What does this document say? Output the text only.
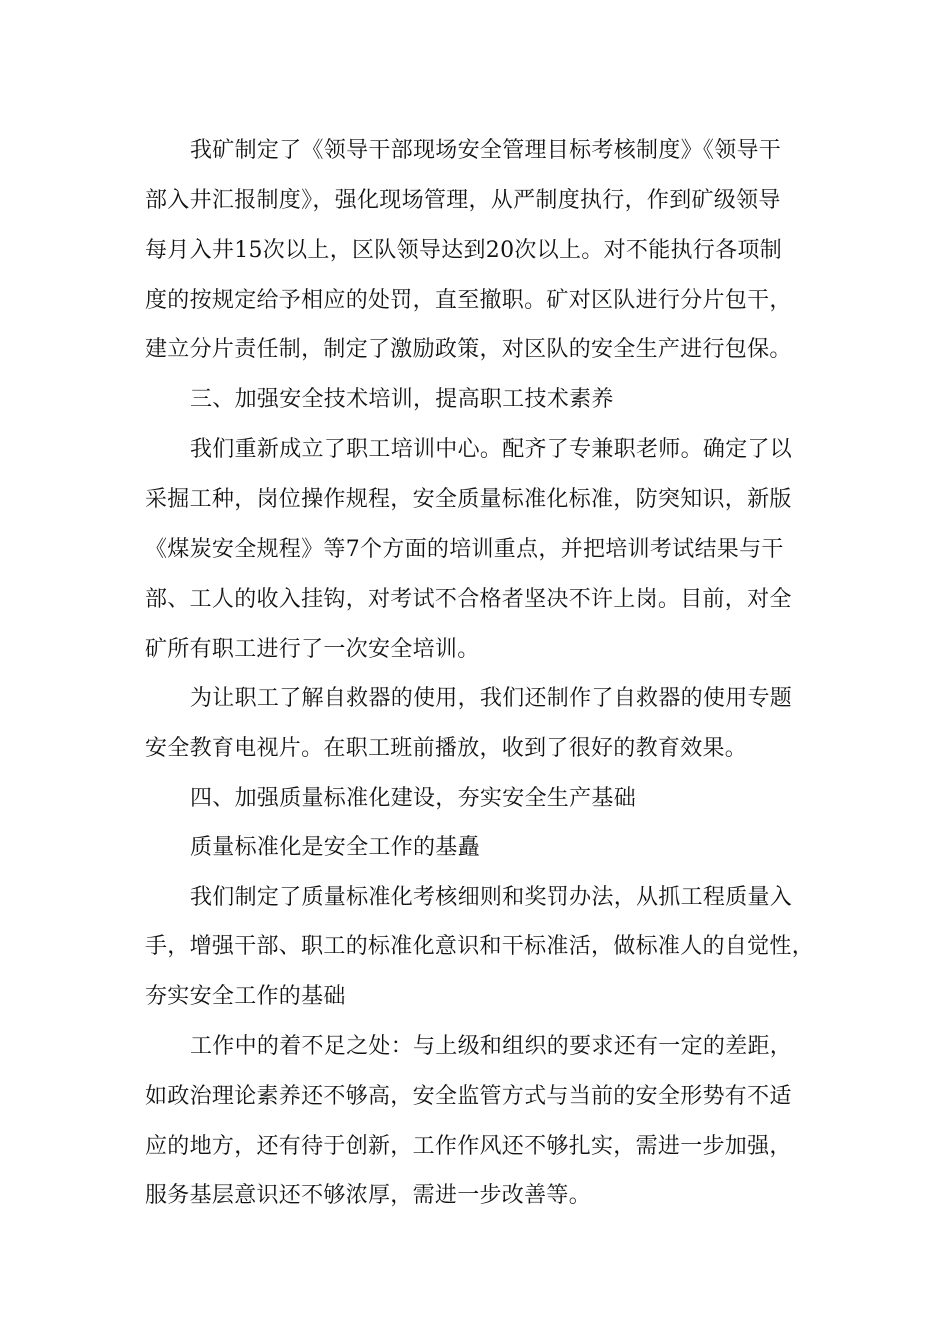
我矿制定了《领导干部现场安全管理目标考核制度》《领导干
部入井汇报制度》，强化现场管理，从严制度执行，作到矿级领导
每月入井15次以上，区队领导达到20次以上。对不能执行各项制
度的按规定给予相应的处罚，直至撤职。矿对区队进行分片包干，
建立分片责任制，制定了激励政策，对区队的安全生产进行包保。
三、加强安全技术培训，提高职工技术素养
我们重新成立了职工培训中心。配齐了专兼职老师。确定了以
采掘工种，岗位操作规程，安全质量标准化标准，防突知识，新版
《煤炭安全规程》等7个方面的培训重点，并把培训考试结果与干
部、工人的收入挂钩，对考试不合格者坚决不许上岗。目前，对全
矿所有职工进行了一次安全培训。
为让职工了解自救器的使用，我们还制作了自救器的使用专题
安全教育电视片。在职工班前播放，收到了很好的教育效果。
四、加强质量标准化建设，夯实安全生产基础
质量标准化是安全工作的基矗
我们制定了质量标准化考核细则和奖罚办法，从抓工程质量入
手，增强干部、职工的标准化意识和干标准活，做标准人的自觉性，
夯实安全工作的基础
工作中的着不足之处：与上级和组织的要求还有一定的差距，
如政治理论素养还不够高，安全监管方式与当前的安全形势有不适
应的地方，还有待于创新，工作作风还不够扎实，需进一步加强，
服务基层意识还不够浓厚，需进一步改善等。
